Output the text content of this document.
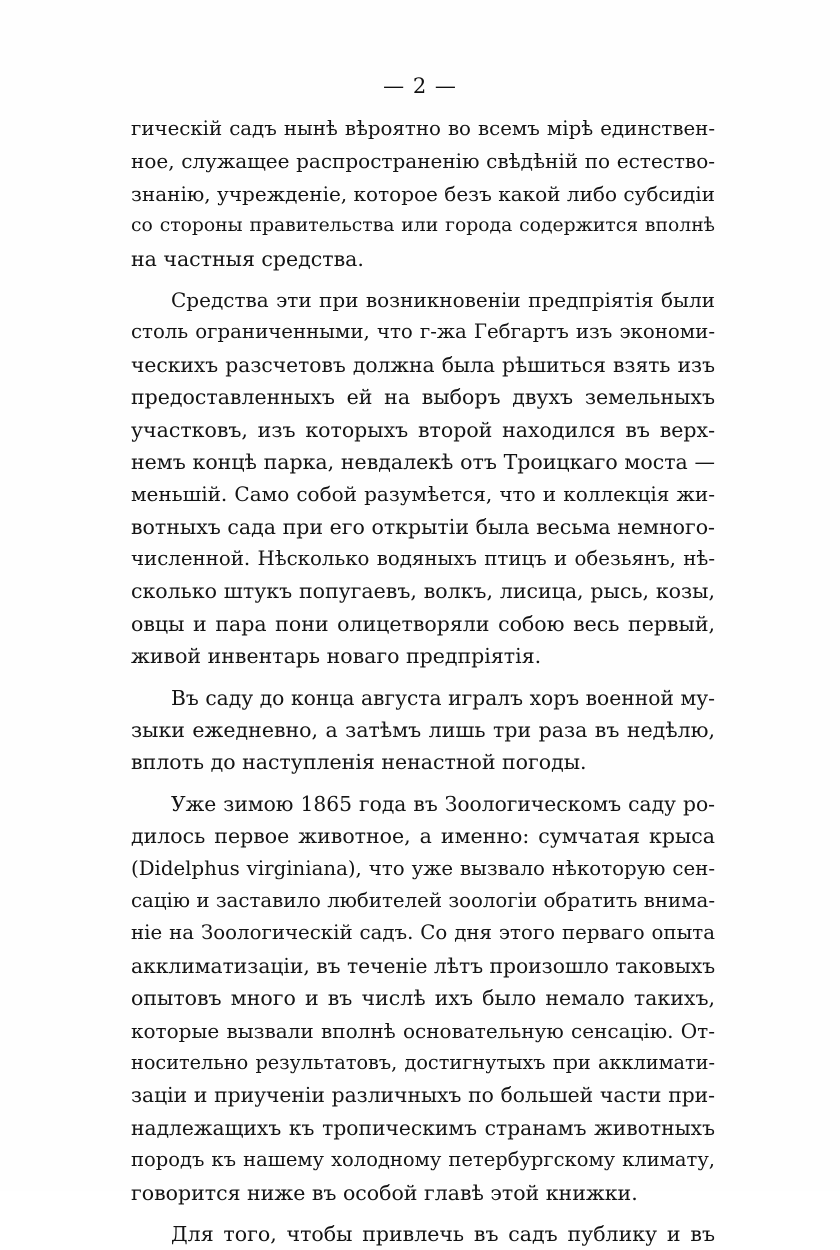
— 2 —
гическій садъ нынѣ вѣроятно во всемъ мірѣ единствен-
ное, служащее распространенію свѣдѣній по естество-
знанію, учрежденіе, которое безъ какой либо субсидіи
со стороны правительства или города содержится вполнѣ
на частныя средства.
Средства эти при возникновеніи предпріятія были
столь ограниченными, что г-жа Гебгартъ изъ экономи-
ческихъ разсчетовъ должна была рѣшиться взять изъ
предоставленныхъ ей на выборъ двухъ земельныхъ
участковъ, изъ которыхъ второй находился въ верх-
немъ концѣ парка, невдалекѣ отъ Троицкаго моста —
меньшій. Само собой разумѣется, что и коллекція жи-
вотныхъ сада при его открытіи была весьма немного-
численной. Нѣсколько водяныхъ птицъ и обезьянъ, нѣ-
сколько штукъ попугаевъ, волкъ, лисица, рысь, козы,
овцы и пара пони олицетворяли собою весь первый,
живой инвентарь новаго предпріятія.
Въ саду до конца августа игралъ хоръ военной му-
зыки ежедневно, а затѣмъ лишь три раза въ недѣлю,
вплоть до наступленія ненастной погоды.
Уже зимою 1865 года въ Зоологическомъ саду ро-
дилось первое животное, а именно: сумчатая крыса
(Didelphus virginiana), что уже вызвало нѣкоторую сен-
сацію и заставило любителей зоологіи обратить внима-
ніе на Зоологическій садъ. Со дня этого перваго опыта
акклиматизаціи, въ теченіе лѣтъ произошло таковыхъ
опытовъ много и въ числѣ ихъ было немало такихъ,
которые вызвали вполнѣ основательную сенсацію. От-
носительно результатовъ, достигнутыхъ при акклимати-
заціи и приученіи различныхъ по большей части при-
надлежащихъ къ тропическимъ странамъ животныхъ
породъ къ нашему холодному петербургскому климату,
говорится ниже въ особой главѣ этой книжки.
Для того, чтобы привлечь въ садъ публику и въ
